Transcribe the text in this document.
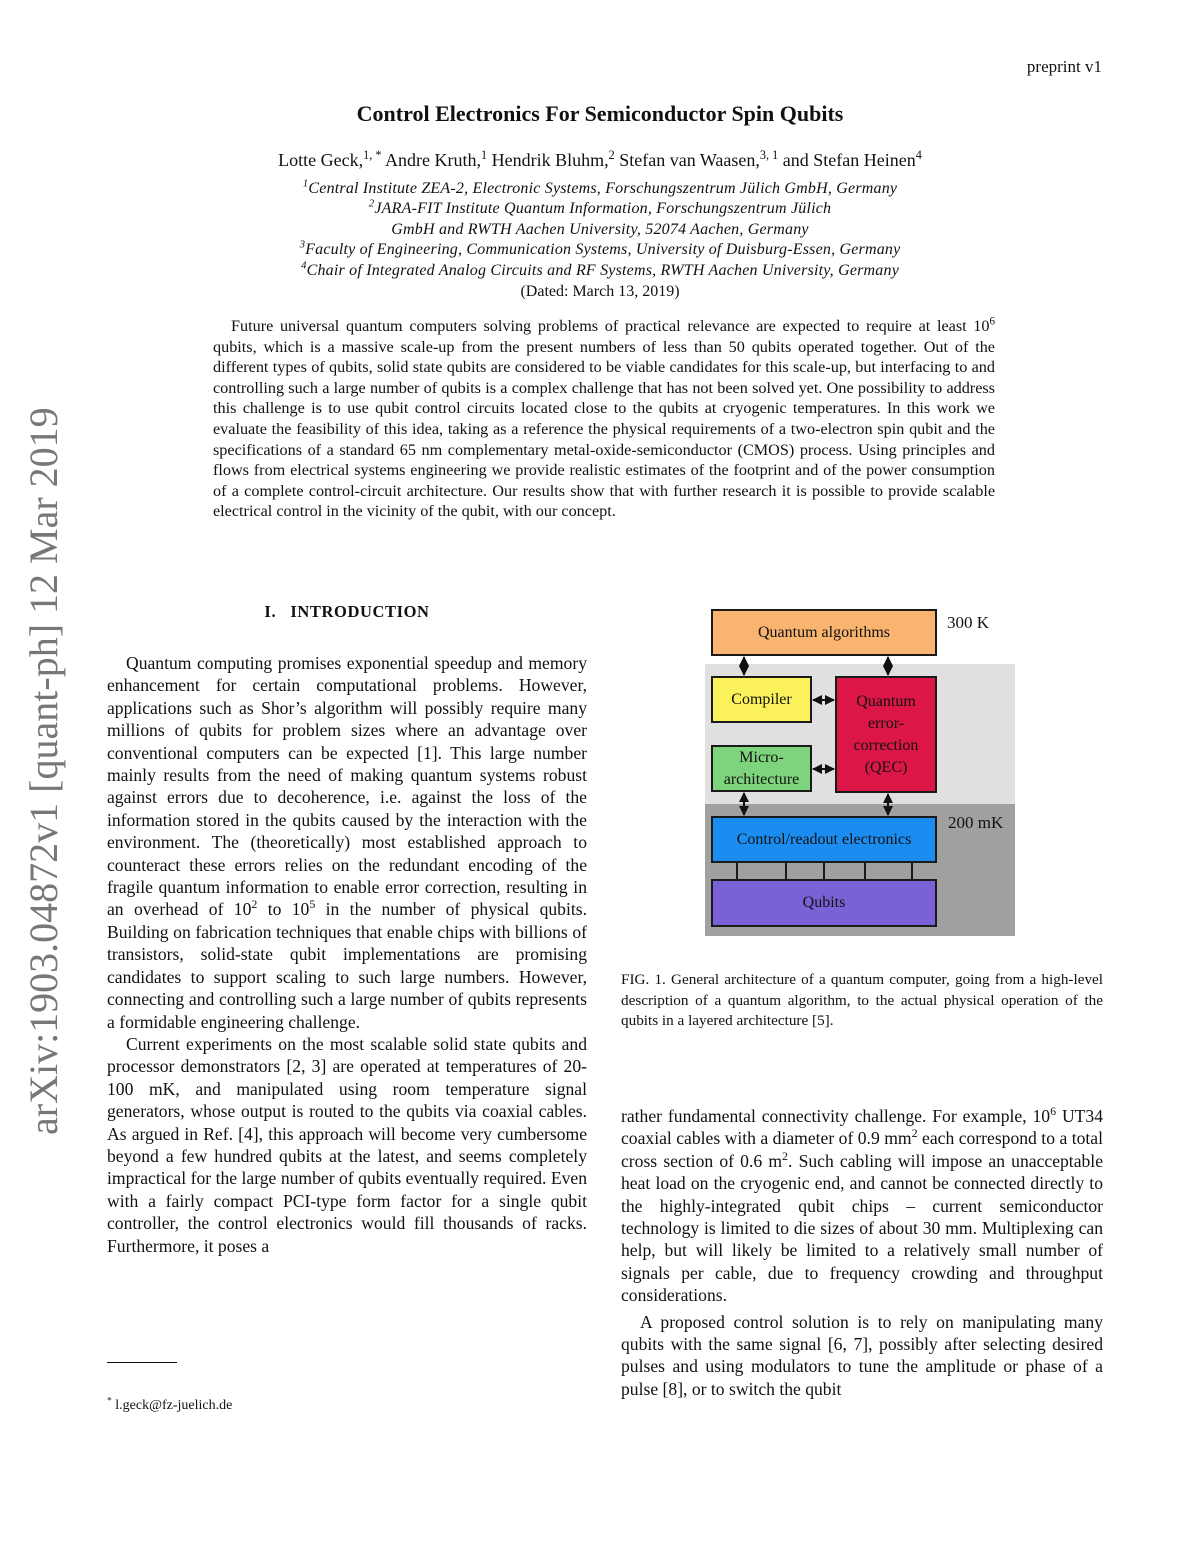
arXiv:1903.04872v1 [quant-ph] 12 Mar 2019
preprint v1
Control Electronics For Semiconductor Spin Qubits
Lotte Geck,$^{1, *}$ Andre Kruth,$^1$ Hendrik Bluhm,$^2$ Stefan van Waasen,$^{3, 1}$ and Stefan Heinen$^4$
$^1$Central Institute ZEA-2, Electronic Systems, Forschungszentrum Jülich GmbH, Germany
$^2$JARA-FIT Institute Quantum Information, Forschungszentrum Jülich
GmbH and RWTH Aachen University, 52074 Aachen, Germany
$^3$Faculty of Engineering, Communication Systems, University of Duisburg-Essen, Germany
$^4$Chair of Integrated Analog Circuits and RF Systems, RWTH Aachen University, Germany
(Dated: March 13, 2019)
Future universal quantum computers solving problems of practical relevance are expected to require at least $10^6$ qubits, which is a massive scale-up from the present numbers of less than 50 qubits operated together. Out of the different types of qubits, solid state qubits are considered to be viable candidates for this scale-up, but interfacing to and controlling such a large number of qubits is a complex challenge that has not been solved yet. One possibility to address this challenge is to use qubit control circuits located close to the qubits at cryogenic temperatures. In this work we evaluate the feasibility of this idea, taking as a reference the physical requirements of a two-electron spin qubit and the specifications of a standard 65 nm complementary metal-oxide-semiconductor (CMOS) process. Using principles and flows from electrical systems engineering we provide realistic estimates of the footprint and of the power consumption of a complete control-circuit architecture. Our results show that with further research it is possible to provide scalable electrical control in the vicinity of the qubit, with our concept.
I. INTRODUCTION

Quantum computing promises exponential speedup and memory enhancement for certain computational problems. However, applications such as Shor’s algorithm will possibly require many millions of qubits for problem sizes where an advantage over conventional computers can be expected [1]. This large number mainly results from the need of making quantum systems robust against errors due to decoherence, i.e. against the loss of the information stored in the qubits caused by the interaction with the environment. The (theoretically) most established approach to counteract these errors relies on the redundant encoding of the fragile quantum information to enable error correction, resulting in an overhead of $10^2$ to $10^5$ in the number of physical qubits. Building on fabrication techniques that enable chips with billions of transistors, solid-state qubit implementations are promising candidates to support scaling to such large numbers. However, connecting and controlling such a large number of qubits represents a formidable engineering challenge.

Current experiments on the most scalable solid state qubits and processor demonstrators [2, 3] are operated at temperatures of 20-100 mK, and manipulated using room temperature signal generators, whose output is routed to the qubits via coaxial cables. As argued in Ref. [4], this approach will become very cumbersome beyond a few hundred qubits at the latest, and seems completely impractical for the large number of qubits eventually required. Even with a fairly compact PCI-type form factor for a single qubit controller, the control electronics would fill thousands of racks. Furthermore, it poses a

* l.geck@fz-juelich.de
Quantum algorithms
Compiler
Micro-
architecture
Quantum
error-
correction
(QEC)
Control/readout electronics
Qubits
300 K
200 mK
FIG. 1. General architecture of a quantum computer, going from a high-level description of a quantum algorithm, to the actual physical operation of the qubits in a layered architecture [5].

rather fundamental connectivity challenge. For example, $10^6$ UT34 coaxial cables with a diameter of 0.9 $mm^2$ each correspond to a total cross section of 0.6 $m^2$. Such cabling will impose an unacceptable heat load on the cryogenic end, and cannot be connected directly to the highly-integrated qubit chips – current semiconductor technology is limited to die sizes of about 30 mm. Multiplexing can help, but will likely be limited to a relatively small number of signals per cable, due to frequency crowding and throughput considerations.

A proposed control solution is to rely on manipulating many qubits with the same signal [6, 7], possibly after selecting desired pulses and using modulators to tune the amplitude or phase of a pulse [8], or to switch the qubit
